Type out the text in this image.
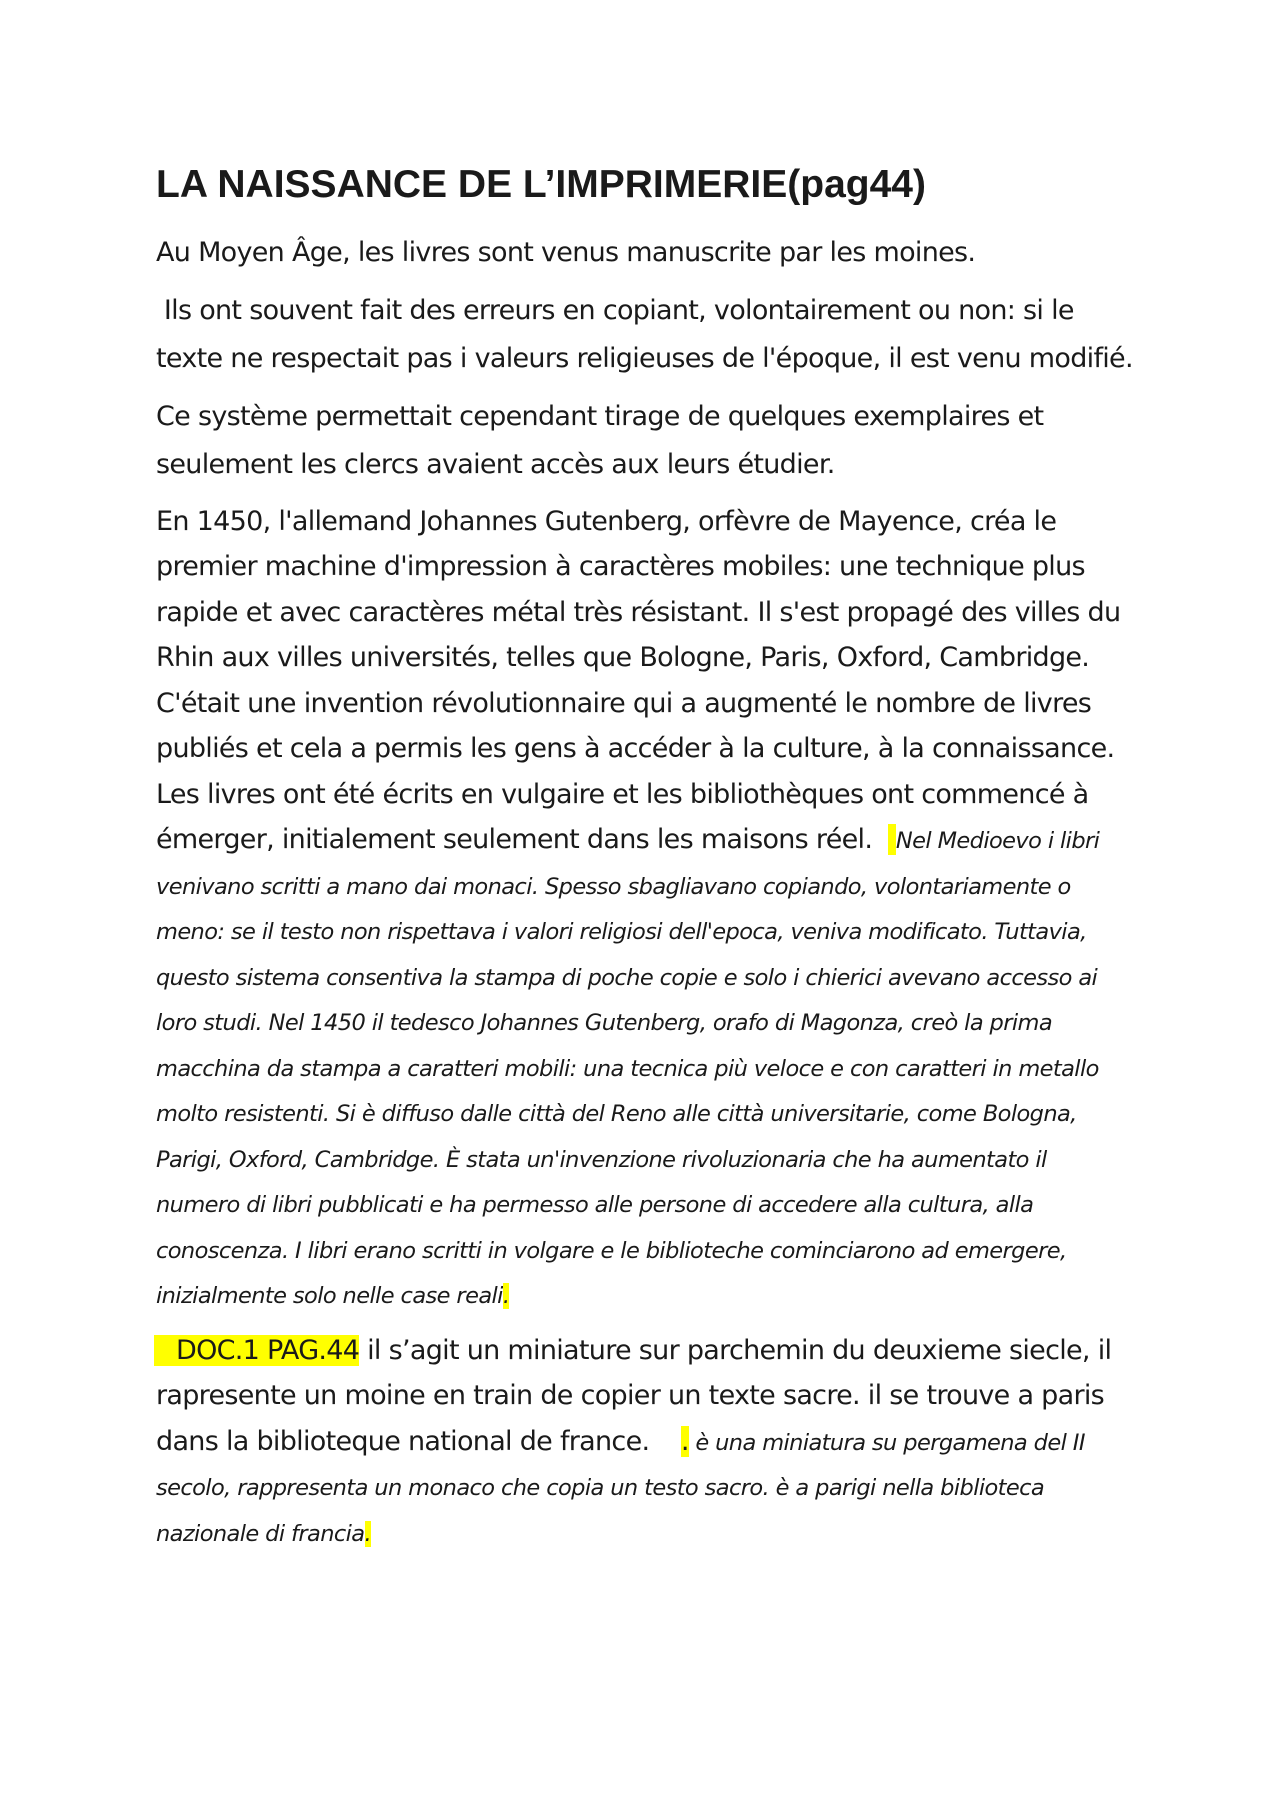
LA NAISSANCE DE L’IMPRIMERIE(pag44)

Au Moyen Âge, les livres sont venus manuscrite par les moines.

Ils ont souvent fait des erreurs en copiant, volontairement ou non: si le texte ne respectait pas i valeurs religieuses de l'époque, il est venu modifié.

Ce système permettait cependant tirage de quelques exemplaires et seulement les clercs avaient accès aux leurs étudier.

En 1450, l'allemand Johannes Gutenberg, orfèvre de Mayence, créa le premier machine d'impression à caractères mobiles: une technique plus rapide et avec caractères métal très résistant. Il s'est propagé des villes du Rhin aux villes universités, telles que Bologne, Paris, Oxford, Cambridge. C'était une invention révolutionnaire qui a augmenté le nombre de livres publiés et cela a permis les gens à accéder à la culture, à la connaissance. Les livres ont été écrits en vulgaire et les bibliothèques ont commencé à émerger, initialement seulement dans les maisons réel. Nel Medioevo i libri venivano scritti a mano dai monaci. Spesso sbagliavano copiando, volontariamente o meno: se il testo non rispettava i valori religiosi dell'epoca, veniva modificato. Tuttavia, questo sistema consentiva la stampa di poche copie e solo i chierici avevano accesso ai loro studi. Nel 1450 il tedesco Johannes Gutenberg, orafo di Magonza, creò la prima macchina da stampa a caratteri mobili: una tecnica più veloce e con caratteri in metallo molto resistenti. Si è diffuso dalle città del Reno alle città universitarie, come Bologna, Parigi, Oxford, Cambridge. È stata un'invenzione rivoluzionaria che ha aumentato il numero di libri pubblicati e ha permesso alle persone di accedere alla cultura, alla conoscenza. I libri erano scritti in volgare e le biblioteche cominciarono ad emergere, inizialmente solo nelle case reali.

DOC.1 PAG.44 il s’agit un miniature sur parchemin du deuxieme siecle, il rapresente un moine en train de copier un texte sacre. il se trouve a paris dans la biblioteque national de france.    . è una miniatura su pergamena del II secolo, rappresenta un monaco che copia un testo sacro. è a parigi nella biblioteca nazionale di francia.
